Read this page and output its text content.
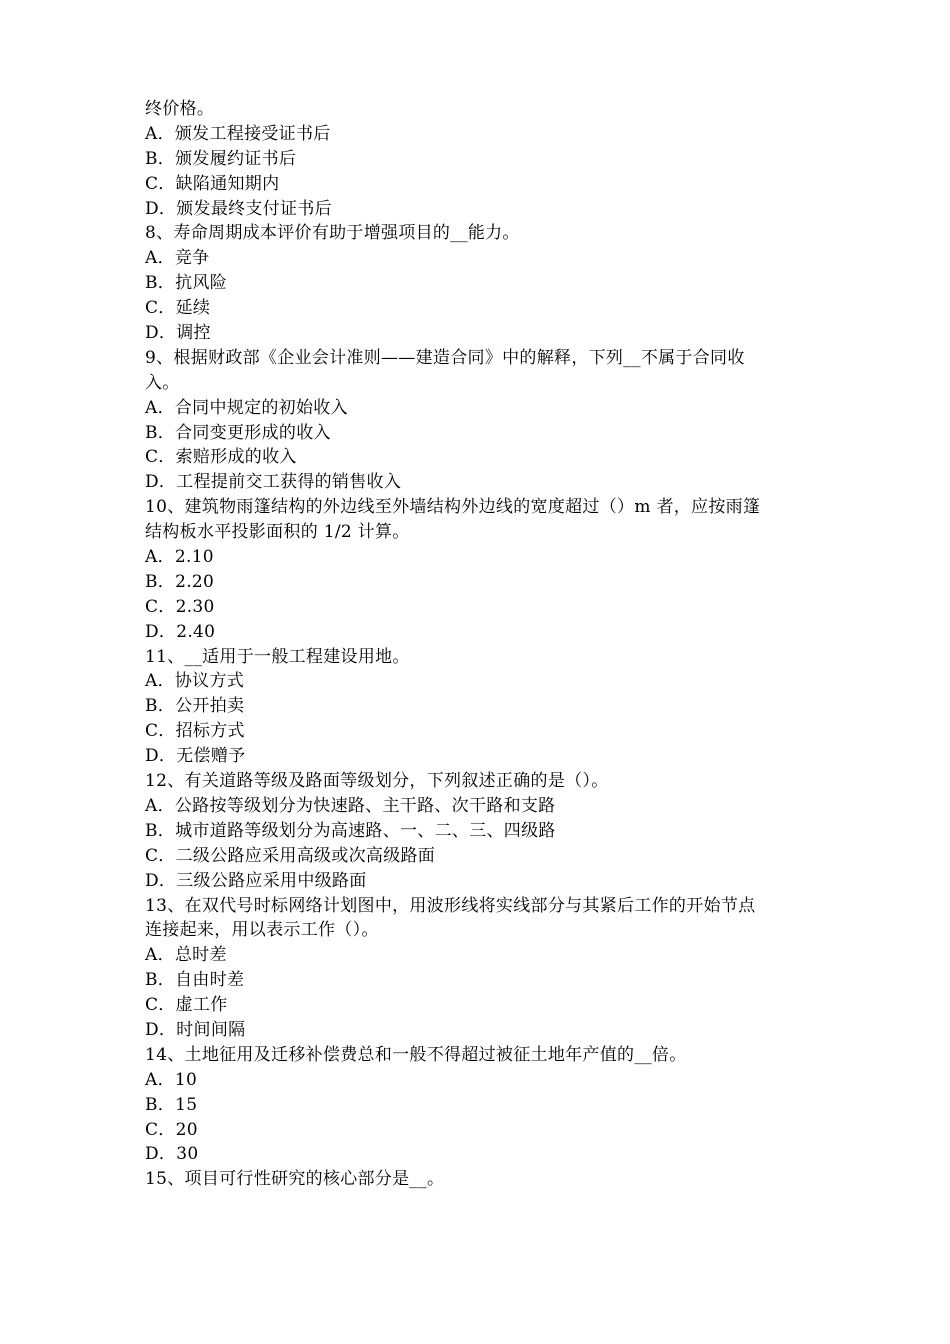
终价格。
A．颁发工程接受证书后
B．颁发履约证书后
C．缺陷通知期内
D．颁发最终支付证书后
8、寿命周期成本评价有助于增强项目的__能力。
A．竞争
B．抗风险
C．延续
D．调控
9、根据财政部《企业会计准则——建造合同》中的解释，下列__不属于合同收
入。
A．合同中规定的初始收入
B．合同变更形成的收入
C．索赔形成的收入
D．工程提前交工获得的销售收入
10、建筑物雨篷结构的外边线至外墙结构外边线的宽度超过（）m 者，应按雨篷
结构板水平投影面积的 1/2 计算。
A．2.10
B．2.20
C．2.30
D．2.40
11、__适用于一般工程建设用地。
A．协议方式
B．公开拍卖
C．招标方式
D．无偿赠予
12、有关道路等级及路面等级划分，下列叙述正确的是（）。
A．公路按等级划分为快速路、主干路、次干路和支路
B．城市道路等级划分为高速路、一、二、三、四级路
C．二级公路应采用高级或次高级路面
D．三级公路应采用中级路面
13、在双代号时标网络计划图中，用波形线将实线部分与其紧后工作的开始节点
连接起来，用以表示工作（）。
A．总时差
B．自由时差
C．虚工作
D．时间间隔
14、土地征用及迁移补偿费总和一般不得超过被征土地年产值的__倍。
A．10
B．15
C．20
D．30
15、项目可行性研究的核心部分是__。
